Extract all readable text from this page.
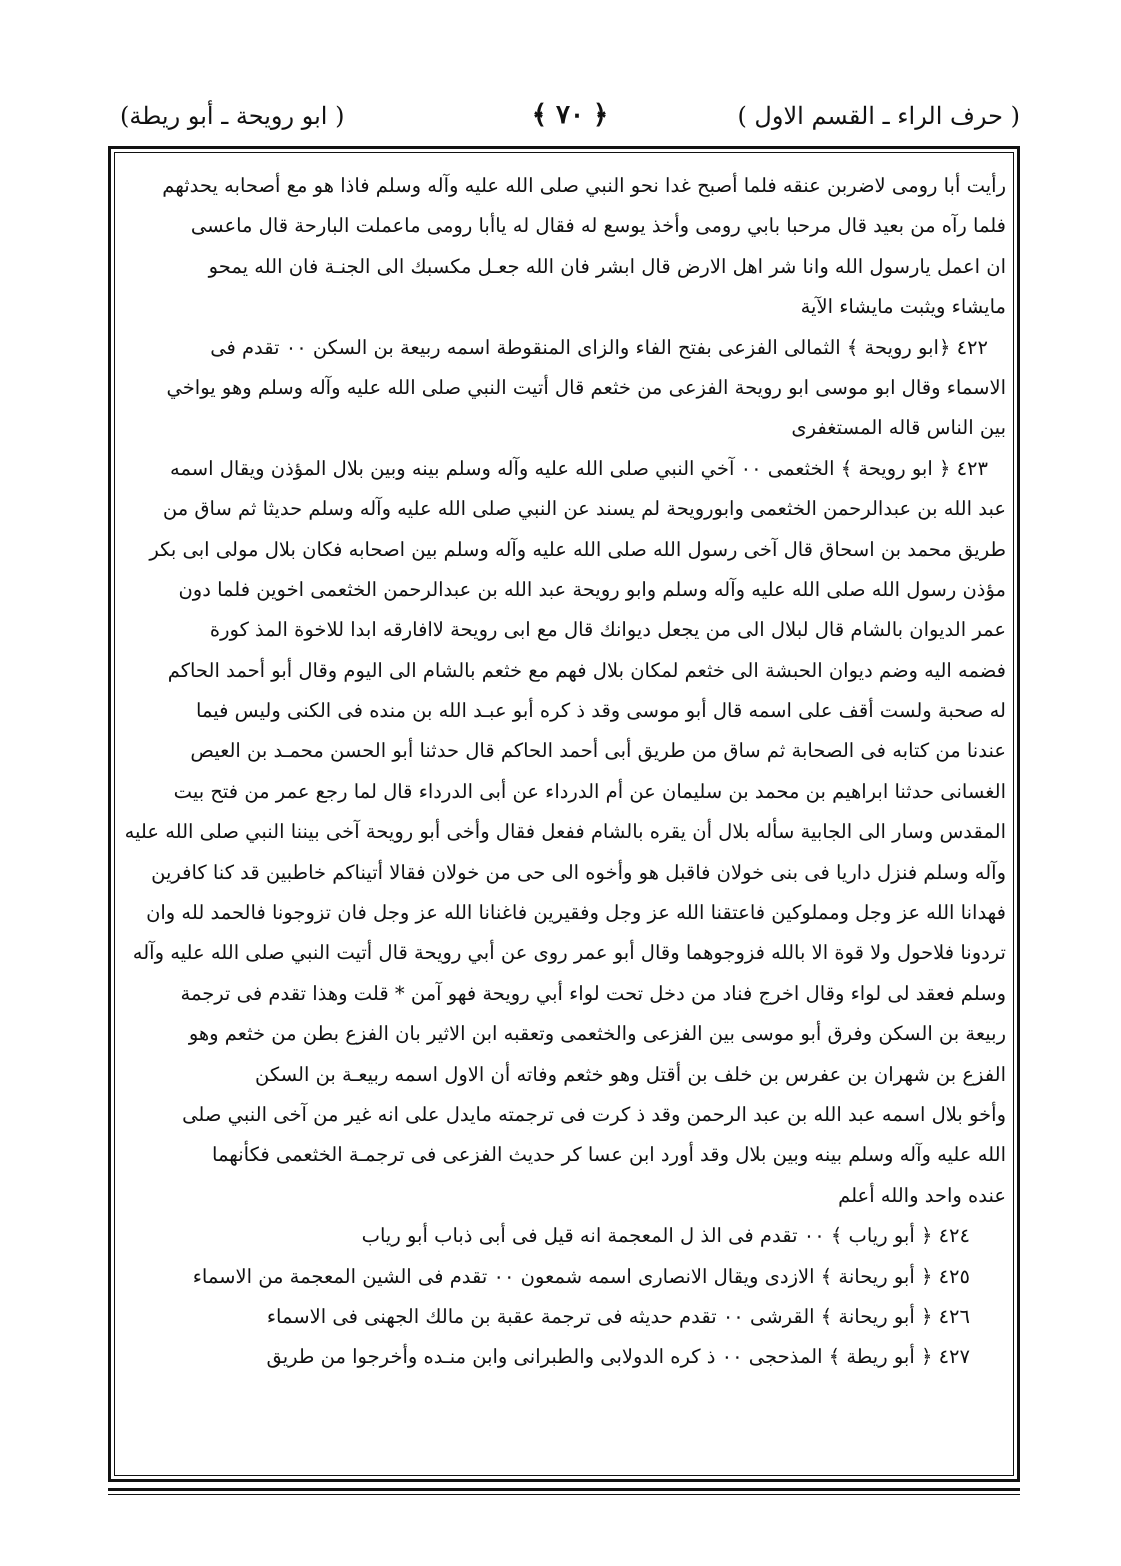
( حرف الراء ـ القسم الاول )
﴿ ٧٠ ﴾
( ابو رويحة ـ أبو ريطة)
رأيت أبا رومى لاضربن عنقه فلما أصبح غدا نحو النبي صلى الله عليه وآله وسلم فاذا هو مع أصحابه يحدثهم
فلما رآه من بعيد قال مرحبا بابي رومى وأخذ يوسع له فقال له ياأبا رومى ماعملت البارحة قال ماعسى
ان اعمل يارسول الله وانا شر اهل الارض قال ابشر فان الله جعـل مكسبك الى الجنـة فان الله يمحو
مايشاء ويثبت مايشاء الآية
٤٢٢ ﴿ابو رويحة ﴾ الثمالى الفزعى بفتح الفاء والزاى المنقوطة اسمه ربيعة بن السكن ٠٠ تقدم فى
الاسماء وقال ابو موسى ابو رويحة الفزعى من خثعم قال أتيت النبي صلى الله عليه وآله وسلم وهو يواخي
بين الناس قاله المستغفرى
٤٢٣ ﴿ ابو رويحة ﴾ الخثعمى ٠٠ آخي النبي صلى الله عليه وآله وسلم بينه وبين بلال المؤذن ويقال اسمه
عبد الله بن عبدالرحمن الخثعمى وابورويحة لم يسند عن النبي صلى الله عليه وآله وسلم حديثا ثم ساق من
طريق محمد بن اسحاق قال آخى رسول الله صلى الله عليه وآله وسلم بين اصحابه فكان بلال مولى ابى بكر
مؤذن رسول الله صلى الله عليه وآله وسلم وابو رويحة عبد الله بن عبدالرحمن الخثعمى اخوين فلما دون
عمر الديوان بالشام قال لبلال الى من يجعل ديوانك قال مع ابى رويحة لاافارقه ابدا للاخوة المذ كورة
فضمه اليه وضم ديوان الحبشة الى خثعم لمكان بلال فهم مع خثعم بالشام الى اليوم وقال أبو أحمد الحاكم
له صحبة ولست أقف على اسمه قال أبو موسى وقد ذ كره أبو عبـد الله بن منده فى الكنى وليس فيما
عندنا من كتابه فى الصحابة ثم ساق من طريق أبى أحمد الحاكم قال حدثنا أبو الحسن محمـد بن العيص
الغسانى حدثنا ابراهيم بن محمد بن سليمان عن أم الدرداء عن أبى الدرداء قال لما رجع عمر من فتح بيت
المقدس وسار الى الجابية سأله بلال أن يقره بالشام ففعل فقال وأخى أبو رويحة آخى بيننا النبي صلى الله عليه
وآله وسلم فنزل داريا فى بنى خولان فاقبل هو وأخوه الى حى من خولان فقالا أتيناكم خاطبين قد كنا كافرين
فهدانا الله عز وجل ومملوكين فاعتقنا الله عز وجل وفقيرين فاغنانا الله عز وجل فان تزوجونا فالحمد لله وان
تردونا فلاحول ولا قوة الا بالله فزوجوهما وقال أبو عمر روى عن أبي رويحة قال أتيت النبي صلى الله عليه وآله
وسلم فعقد لى لواء وقال اخرج فناد من دخل تحت لواء أبي رويحة فهو آمن * قلت وهذا تقدم فى ترجمة
ربيعة بن السكن وفرق أبو موسى بين الفزعى والخثعمى وتعقبه ابن الاثير بان الفزع بطن من خثعم وهو
الفزع بن شهران بن عفرس بن خلف بن أقتل وهو خثعم وفاته أن الاول اسمه ربيعـة بن السكن
وأخو بلال اسمه عبد الله بن عبد الرحمن وقد ذ كرت فى ترجمته مايدل على انه غير من آخى النبي صلى
الله عليه وآله وسلم بينه وبين بلال وقد أورد ابن عسا كر حديث الفزعى فى ترجمـة الخثعمى فكأنهما
عنده واحد والله أعلم
٤٢٤ ﴿ أبو رياب ﴾ ٠٠ تقدم فى الذ ل المعجمة انه قيل فى أبى ذباب أبو رياب
٤٢٥ ﴿ أبو ريحانة ﴾ الازدى ويقال الانصارى اسمه شمعون ٠٠ تقدم فى الشين المعجمة من الاسماء
٤٢٦ ﴿ أبو ريحانة ﴾ القرشى ٠٠ تقدم حديثه فى ترجمة عقبة بن مالك الجهنى فى الاسماء
٤٢٧ ﴿ أبو ريطة ﴾ المذحجى ٠٠ ذ كره الدولابى والطبرانى وابن منـده وأخرجوا من طريق
